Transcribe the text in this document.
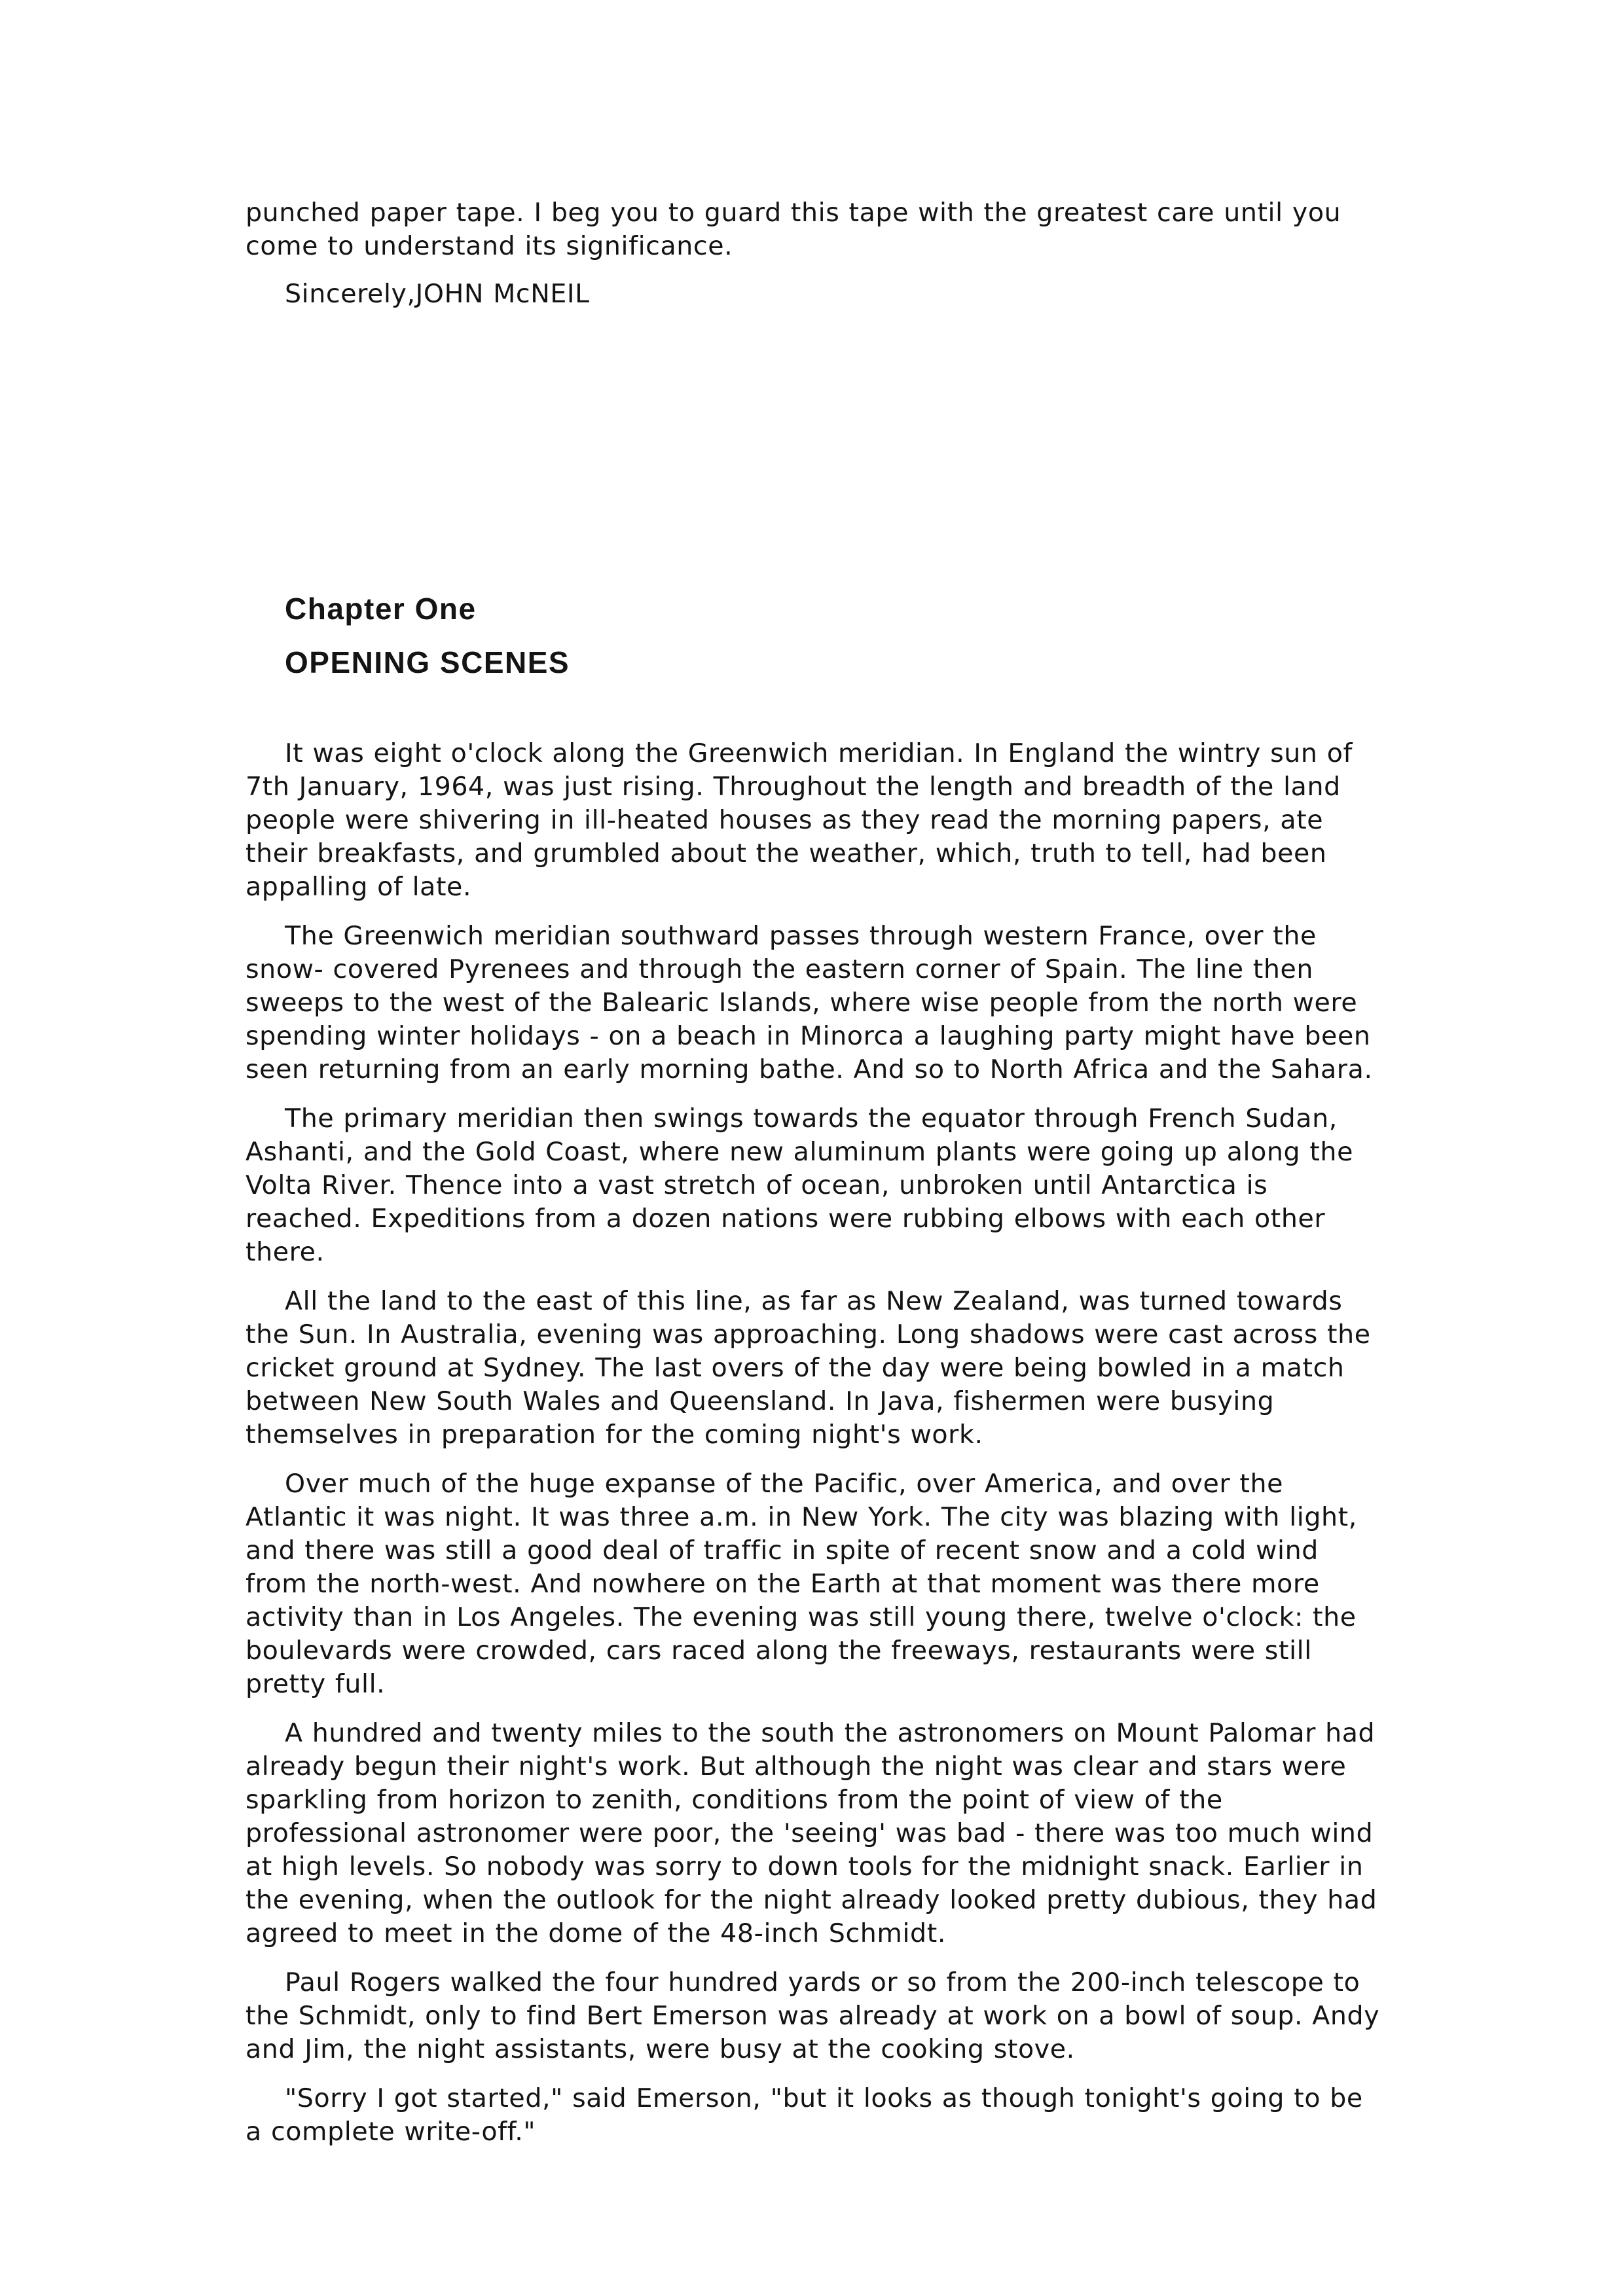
punched paper tape. I beg you to guard this tape with the greatest care until you come to understand its significance.

Sincerely,JOHN McNEIL

Chapter One
OPENING SCENES

It was eight o'clock along the Greenwich meridian. In England the wintry sun of 7th January, 1964, was just rising. Throughout the length and breadth of the land people were shivering in ill-heated houses as they read the morning papers, ate their breakfasts, and grumbled about the weather, which, truth to tell, had been appalling of late.

The Greenwich meridian southward passes through western France, over the snow- covered Pyrenees and through the eastern corner of Spain. The line then sweeps to the west of the Balearic Islands, where wise people from the north were spending winter holidays - on a beach in Minorca a laughing party might have been seen returning from an early morning bathe. And so to North Africa and the Sahara.

The primary meridian then swings towards the equator through French Sudan, Ashanti, and the Gold Coast, where new aluminum plants were going up along the Volta River. Thence into a vast stretch of ocean, unbroken until Antarctica is reached. Expeditions from a dozen nations were rubbing elbows with each other there.

All the land to the east of this line, as far as New Zealand, was turned towards the Sun. In Australia, evening was approaching. Long shadows were cast across the cricket ground at Sydney. The last overs of the day were being bowled in a match between New South Wales and Queensland. In Java, fishermen were busying themselves in preparation for the coming night's work.

Over much of the huge expanse of the Pacific, over America, and over the Atlantic it was night. It was three a.m. in New York. The city was blazing with light, and there was still a good deal of traffic in spite of recent snow and a cold wind from the north-west. And nowhere on the Earth at that moment was there more activity than in Los Angeles. The evening was still young there, twelve o'clock: the boulevards were crowded, cars raced along the freeways, restaurants were still pretty full.

A hundred and twenty miles to the south the astronomers on Mount Palomar had already begun their night's work. But although the night was clear and stars were sparkling from horizon to zenith, conditions from the point of view of the professional astronomer were poor, the 'seeing' was bad - there was too much wind at high levels. So nobody was sorry to down tools for the midnight snack. Earlier in the evening, when the outlook for the night already looked pretty dubious, they had agreed to meet in the dome of the 48-inch Schmidt.

Paul Rogers walked the four hundred yards or so from the 200-inch telescope to the Schmidt, only to find Bert Emerson was already at work on a bowl of soup. Andy and Jim, the night assistants, were busy at the cooking stove.

"Sorry I got started," said Emerson, "but it looks as though tonight's going to be a complete write-off."
